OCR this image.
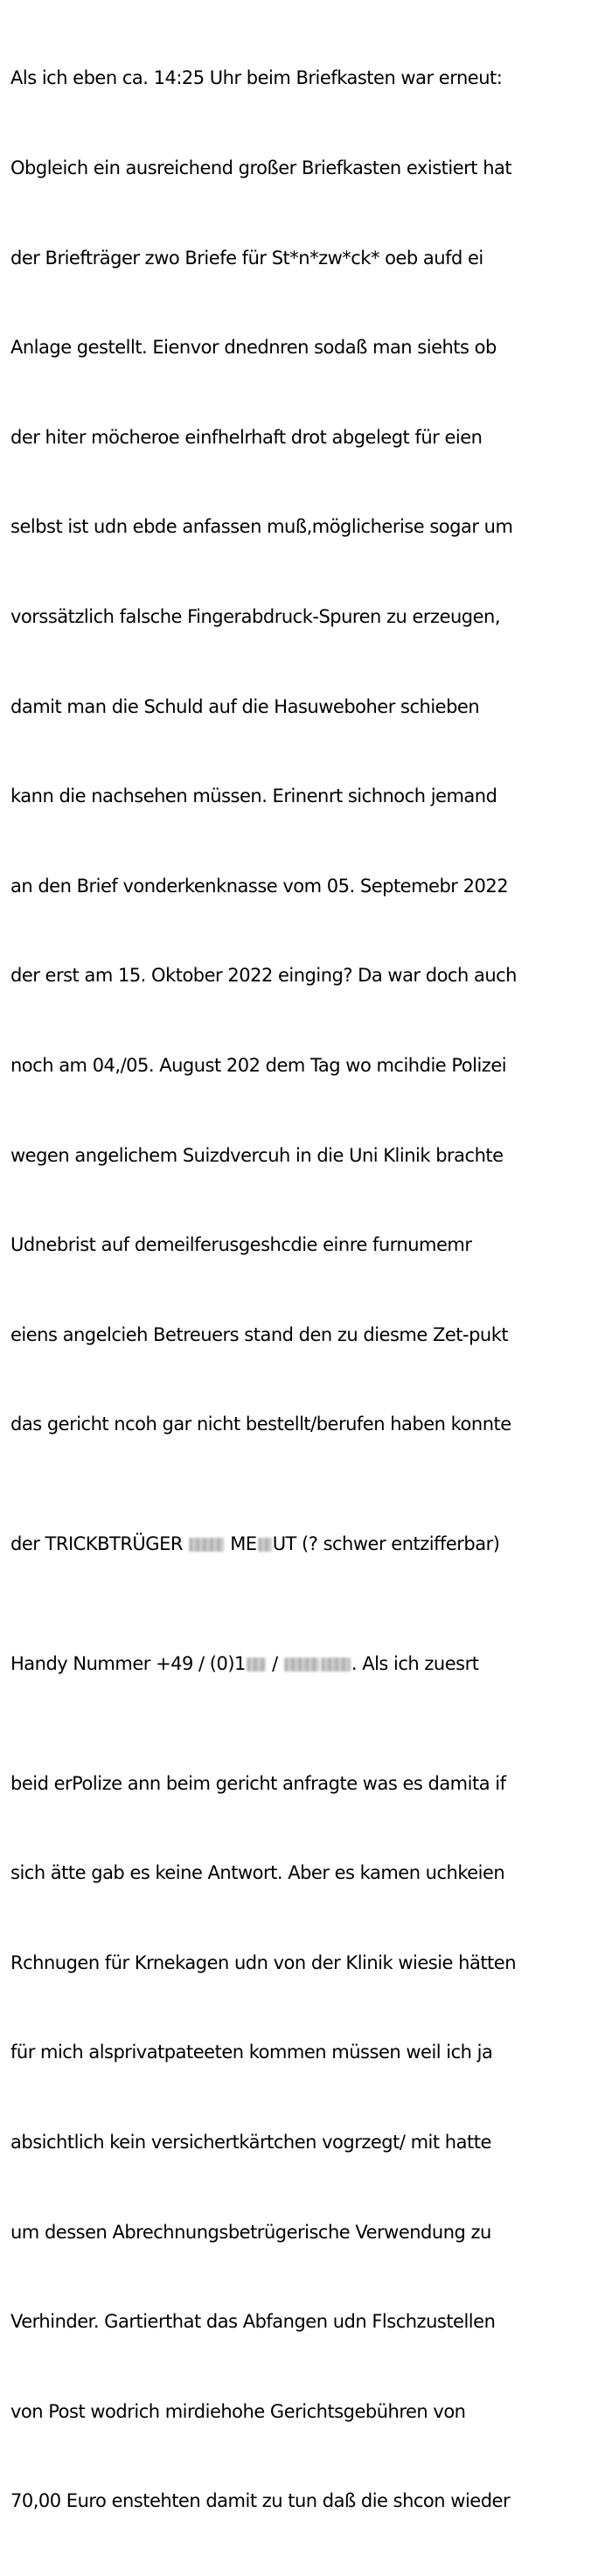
Als ich eben ca. 14:25 Uhr beim Briefkasten war erneut:

Obgleich ein ausreichend großer Briefkasten existiert hat

der Briefträger zwo Briefe für St*n*zw*ck* oeb aufd ei

Anlage gestellt. Eienvor dnednren sodaß man siehts ob

der hiter möcheroe einfhelrhaft drot abgelegt für eien

selbst ist udn ebde anfassen muß,möglicherise sogar um

vorssätzlich falsche Fingerabdruck-Spuren zu erzeugen,

damit man die Schuld auf die Hasuweboher schieben

kann die nachsehen müssen. Erinenrt sichnoch jemand

an den Brief vonderkenknasse vom 05. Septemebr 2022

der erst am 15. Oktober 2022 einging? Da war doch auch

noch am 04,/05. August 202 dem Tag wo mcihdie Polizei

wegen angelichem Suizdvercuh in die Uni Klinik brachte

Udnebrist auf demeilferusgeshcdie einre furnumemr

eiens angelcieh Betreuers stand den zu diesme Zet-pukt

das gericht ncoh gar nicht bestellt/berufen haben konnte

der TRICKBTRÜGER  ME UT (? schwer entzifferbar)

Handy Nummer +49 / (0)1 /	. Als ich zuesrt

beid erPolize ann beim gericht anfragte was es damita if

sich ätte gab es keine Antwort. Aber es kamen uchkeien

Rchnugen für Krnekagen udn von der Klinik wiesie hätten

für mich alsprivatpateeten kommen müssen weil ich ja

absichtlich kein versichertkärtchen vogrzegt/ mit hatte

um dessen Abrechnungsbetrügerische Verwendung zu

Verhinder. Gartierthat das Abfangen udn Flschzustellen

von Post wodrich mirdiehohe Gerichtsgebühren von

70,00 Euro enstehten damit zu tun daß die shcon wieder
